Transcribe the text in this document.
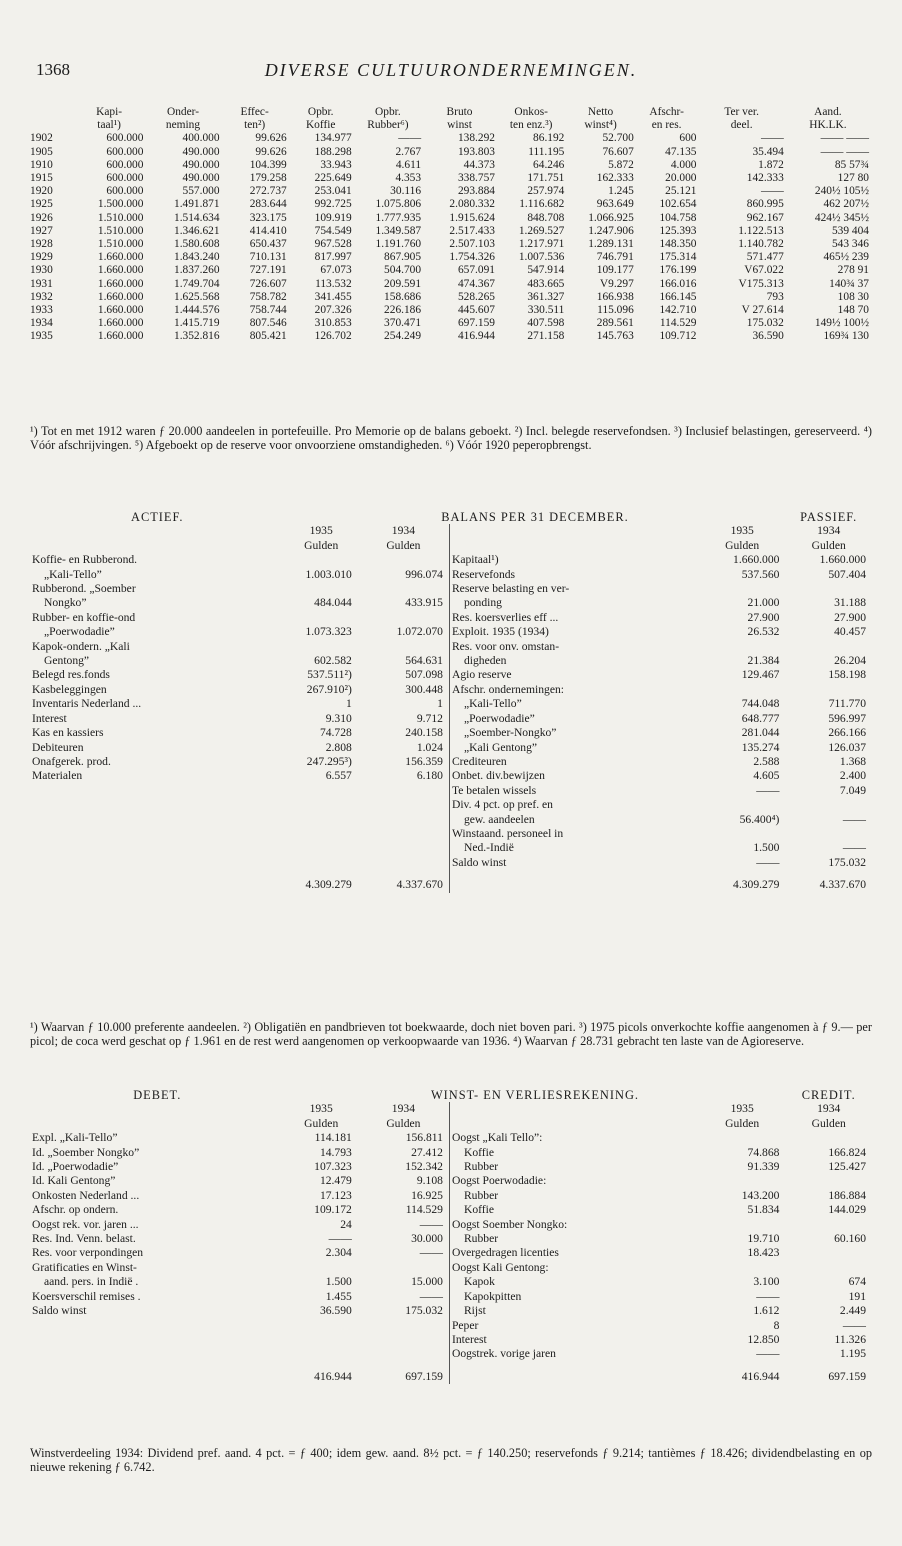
1368	DIVERSE CULTUURONDERNEMINGEN.
	Kapi-	Onder-	Effec-	Opbr.	Opbr.	Bruto	Onkos-	Netto	Afschr-	Ter ver.	Aand.
	taal¹)	neming	ten²)	Koffie	Rubber⁶)	winst	ten enz.³)	winst⁴)	en res.	deel.	HK.LK.
1902	600.000	400.000	99.626	134.977	——	138.292	86.192	52.700	600	——	—— ——
1905	600.000	490.000	99.626	188.298	2.767	193.803	111.195	76.607	47.135	35.494	—— ——
1910	600.000	490.000	104.399	33.943	4.611	44.373	64.246	5.872	4.000	1.872	85 57¾
1915	600.000	490.000	179.258	225.649	4.353	338.757	171.751	162.333	20.000	142.333	127 80
1920	600.000	557.000	272.737	253.041	30.116	293.884	257.974	1.245	25.121	——	240½ 105½
1925	1.500.000	1.491.871	283.644	992.725	1.075.806	2.080.332	1.116.682	963.649	102.654	860.995	462 207½
1926	1.510.000	1.514.634	323.175	109.919	1.777.935	1.915.624	848.708	1.066.925	104.758	962.167	424½ 345½
1927	1.510.000	1.346.621	414.410	754.549	1.349.587	2.517.433	1.269.527	1.247.906	125.393	1.122.513	539 404
1928	1.510.000	1.580.608	650.437	967.528	1.191.760	2.507.103	1.217.971	1.289.131	148.350	1.140.782	543 346
1929	1.660.000	1.843.240	710.131	817.997	867.905	1.754.326	1.007.536	746.791	175.314	571.477	465½ 239
1930	1.660.000	1.837.260	727.191	67.073	504.700	657.091	547.914	109.177	176.199	V67.022	278 91
1931	1.660.000	1.749.704	726.607	113.532	209.591	474.367	483.665	V9.297	166.016	V175.313	140¾ 37
1932	1.660.000	1.625.568	758.782	341.455	158.686	528.265	361.327	166.938	166.145	793	108 30
1933	1.660.000	1.444.576	758.744	207.326	226.186	445.607	330.511	115.096	142.710	V 27.614	148 70
1934	1.660.000	1.415.719	807.546	310.853	370.471	697.159	407.598	289.561	114.529	175.032	149½ 100½
1935	1.660.000	1.352.816	805.421	126.702	254.249	416.944	271.158	145.763	109.712	36.590	169¾ 130
¹) Tot en met 1912 waren ƒ 20.000 aandeelen in portefeuille. Pro Memorie op de balans geboekt. ²) Incl. belegde reservefondsen. ³) Inclusief belastingen, gereserveerd. ⁴) Vóór afschrijvingen. ⁵) Afgeboekt op de reserve voor onvoorziene omstandigheden. ⁶) Vóór 1920 peperopbrengst.
ACTIEF.	BALANS PER 31 DECEMBER.				PASSIEF.
	1935	1934		1935	1934
	Gulden	Gulden		Gulden	Gulden
Koffie- en Rubberond.			Kapitaal¹)	1.660.000	1.660.000
„Kali-Tello”	1.003.010	996.074	Reservefonds	537.560	507.404
Rubberond. „Soember			Reserve belasting en ver-		
Nongko”	484.044	433.915	ponding	21.000	31.188
Rubber- en koffie-ond			Res. koersverlies eff ...	27.900	27.900
„Poerwodadie”	1.073.323	1.072.070	Exploit. 1935 (1934)	26.532	40.457
Kapok-ondern. „Kali			Res. voor onv. omstan-		
Gentong”	602.582	564.631	digheden	21.384	26.204
Belegd res.fonds	537.511²)	507.098	Agio reserve	129.467	158.198
Kasbeleggingen	267.910²)	300.448	Afschr. ondernemingen:		
Inventaris Nederland ...	1	1	„Kali-Tello”	744.048	711.770
Interest	9.310	9.712	„Poerwodadie”	648.777	596.997
Kas en kassiers	74.728	240.158	„Soember-Nongko”	281.044	266.166
Debiteuren	2.808	1.024	„Kali Gentong”	135.274	126.037
Onafgerek. prod.	247.295³)	156.359	Crediteuren	2.588	1.368
Materialen	6.557	6.180	Onbet. div.bewijzen	4.605	2.400
			Te betalen wissels	——	7.049
			Div. 4 pct. op pref. en		
			gew. aandeelen	56.400⁴)	——
			Winstaand. personeel in		
			Ned.-Indië	1.500	——
			Saldo winst	——	175.032
	4.309.279	4.337.670		4.309.279	4.337.670
¹) Waarvan ƒ 10.000 preferente aandeelen. ²) Obligatiën en pandbrieven tot boekwaarde, doch niet boven pari. ³) 1975 picols onverkochte koffie aangenomen à ƒ 9.— per picol; de coca werd geschat op ƒ 1.961 en de rest werd aangenomen op verkoopwaarde van 1936. ⁴) Waarvan ƒ 28.731 gebracht ten laste van de Agioreserve.
DEBET.	WINST- EN VERLIESREKENING.				CREDIT.
	1935	1934		1935	1934
	Gulden	Gulden		Gulden	Gulden
Expl. „Kali-Tello”	114.181	156.811	Oogst „Kali Tello”:		
Id. „Soember Nongko”	14.793	27.412	Koffie	74.868	166.824
Id. „Poerwodadie”	107.323	152.342	Rubber	91.339	125.427
Id. Kali Gentong”	12.479	9.108	Oogst Poerwodadie:		
Onkosten Nederland ...	17.123	16.925	Rubber	143.200	186.884
Afschr. op ondern.	109.172	114.529	Koffie	51.834	144.029
Oogst rek. vor. jaren ...	24	——	Oogst Soember Nongko:		
Res. Ind. Venn. belast.	——	30.000	Rubber	19.710	60.160
Res. voor verpondingen	2.304	——	Overgedragen licenties	18.423	
Gratificaties en Winst-			Oogst Kali Gentong:		
aand. pers. in Indië .	1.500	15.000	Kapok	3.100	674
Koersverschil remises .	1.455	——	Kapokpitten	——	191
Saldo winst	36.590	175.032	Rijst	1.612	2.449
			Peper	8	——
			Interest	12.850	11.326
			Oogstrek. vorige jaren	——	1.195
	416.944	697.159		416.944	697.159
Winstverdeeling 1934: Dividend pref. aand. 4 pct. = ƒ 400; idem gew. aand. 8½ pct. = ƒ 140.250; reservefonds ƒ 9.214; tantièmes ƒ 18.426; dividendbelasting en op nieuwe rekening ƒ 6.742.
